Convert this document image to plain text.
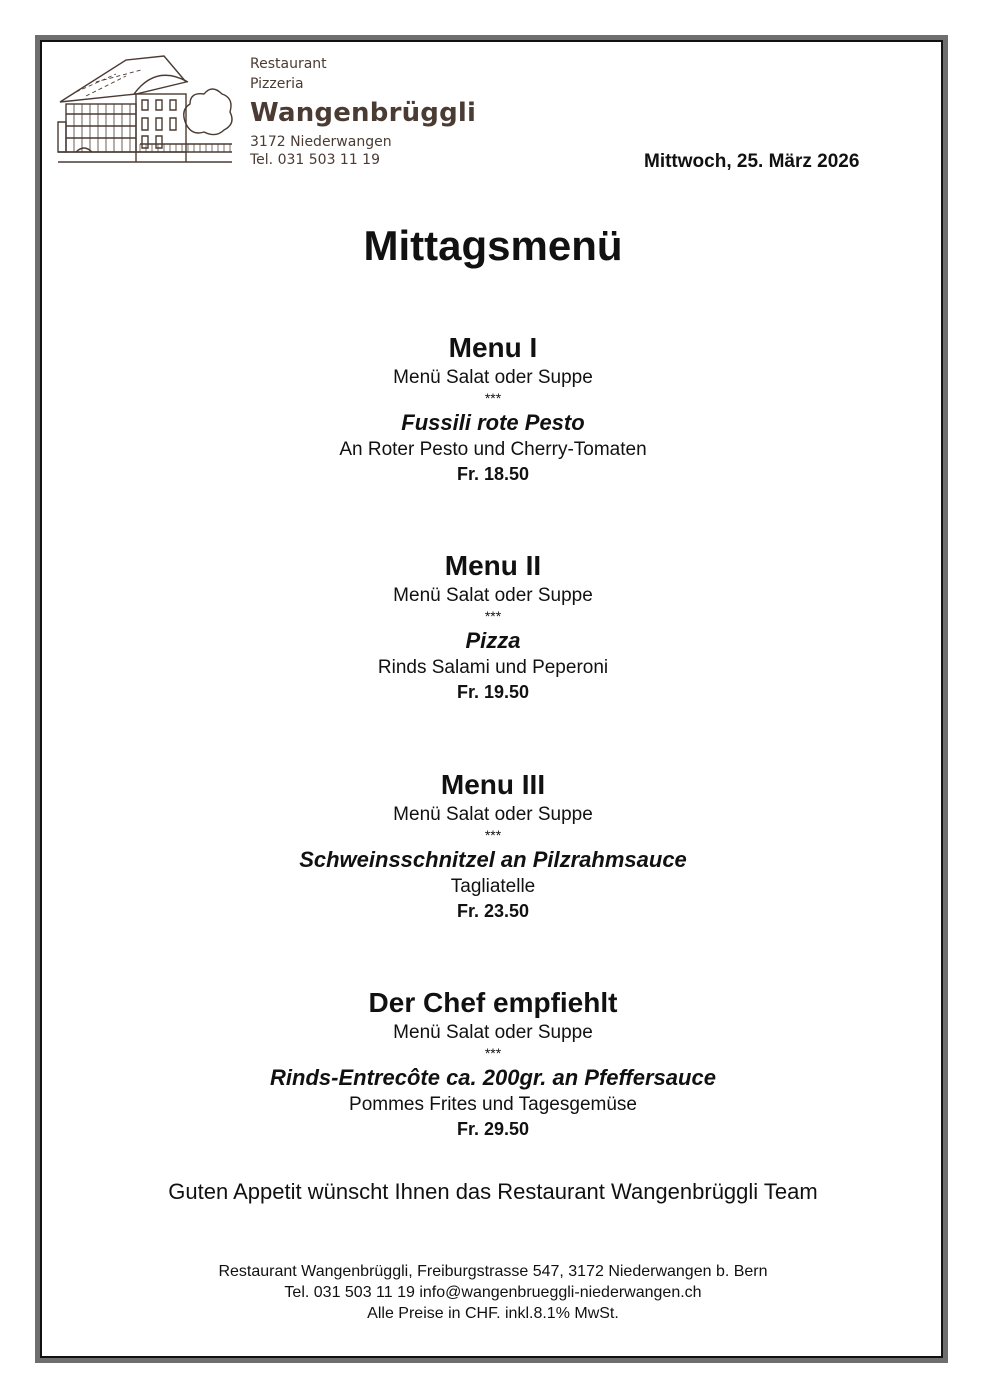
Restaurant
Pizzeria
Wangenbrüggli
3172 Niederwangen
Tel. 031 503 11 19	Mittwoch, 25. März 2026
Mittagsmenü
Menu I
Menü Salat oder Suppe
***
Fussili rote Pesto
An Roter Pesto und Cherry-Tomaten
Fr. 18.50
Menu II
Menü Salat oder Suppe
***
Pizza
Rinds Salami und Peperoni
Fr. 19.50
Menu III
Menü Salat oder Suppe
***
Schweinsschnitzel an Pilzrahmsauce
Tagliatelle
Fr. 23.50
Der Chef empfiehlt
Menü Salat oder Suppe
***
Rinds-Entrecôte ca. 200gr. an Pfeffersauce
Pommes Frites und Tagesgemüse
Fr. 29.50
Guten Appetit wünscht Ihnen das Restaurant Wangenbrüggli Team
Restaurant Wangenbrüggli, Freiburgstrasse 547, 3172 Niederwangen b. Bern
Tel. 031 503 11 19 info@wangenbrueggli-niederwangen.ch
Alle Preise in CHF. inkl.8.1% MwSt.
